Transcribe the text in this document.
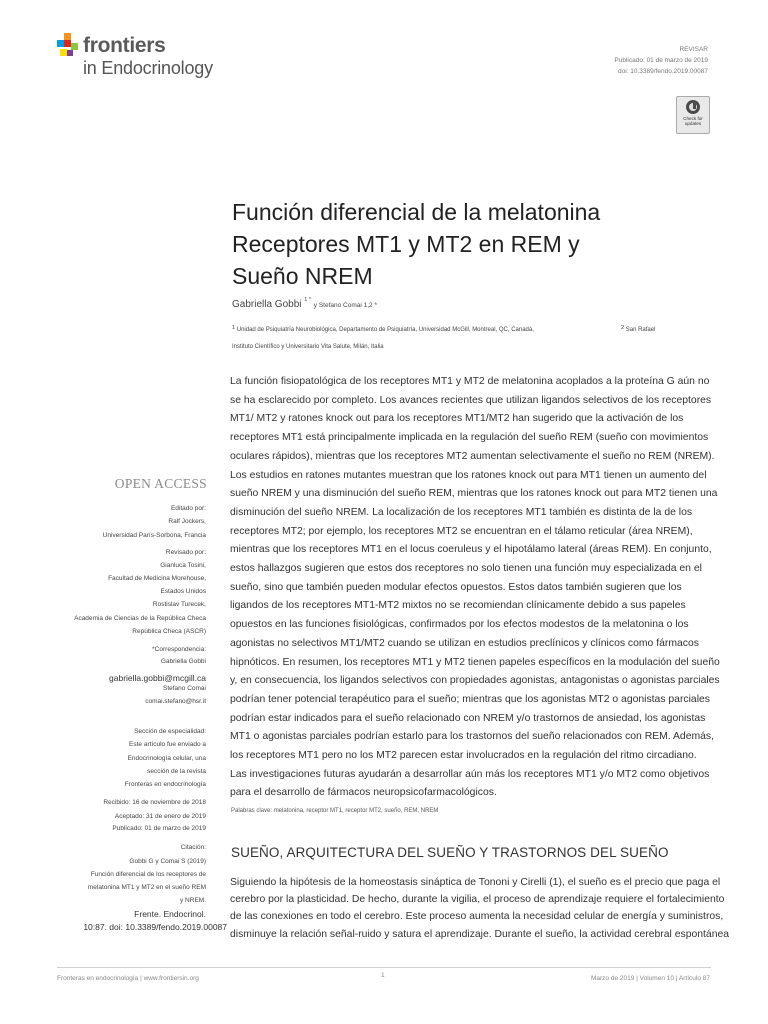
frontiers
in Endocrinology
REVISAR
Publicado: 01 de marzo de 2019
doi: 10.3389/fendo.2019.00087
Check for
updates
Función diferencial de la melatonina
Receptores MT1 y MT2 en REM y
Sueño NREM
Gabriella Gobbi $^{1 *}$ y Stefano Comai 1,2 *
1 Unidad de Psiquiatría Neurobiológica, Departamento de Psiquiatría, Universidad McGill, Montreal, QC, Canadá,	2 San Rafael
Instituto Científico y Universitario Vita Salute, Milán, Italia
La función fisiopatológica de los receptores MT1 y MT2 de melatonina acoplados a la proteína G aún no
se ha esclarecido por completo. Los avances recientes que utilizan ligandos selectivos de los receptores
MT1/ MT2 y ratones knock out para los receptores MT1/MT2 han sugerido que la activación de los
receptores MT1 está principalmente implicada en la regulación del sueño REM (sueño con movimientos
oculares rápidos), mientras que los receptores MT2 aumentan selectivamente el sueño no REM (NREM).
Los estudios en ratones mutantes muestran que los ratones knock out para MT1 tienen un aumento del
sueño NREM y una disminución del sueño REM, mientras que los ratones knock out para MT2 tienen una
disminución del sueño NREM. La localización de los receptores MT1 también es distinta de la de los
receptores MT2; por ejemplo, los receptores MT2 se encuentran en el tálamo reticular (área NREM),
mientras que los receptores MT1 en el locus coeruleus y el hipotálamo lateral (áreas REM). En conjunto,
estos hallazgos sugieren que estos dos receptores no solo tienen una función muy especializada en el
sueño, sino que también pueden modular efectos opuestos. Estos datos también sugieren que los
ligandos de los receptores MT1-MT2 mixtos no se recomiendan clínicamente debido a sus papeles
opuestos en las funciones fisiológicas, confirmados por los efectos modestos de la melatonina o los
agonistas no selectivos MT1/MT2 cuando se utilizan en estudios preclínicos y clínicos como fármacos
hipnóticos. En resumen, los receptores MT1 y MT2 tienen papeles específicos en la modulación del sueño
y, en consecuencia, los ligandos selectivos con propiedades agonistas, antagonistas o agonistas parciales
podrían tener potencial terapéutico para el sueño; mientras que los agonistas MT2 o agonistas parciales
podrían estar indicados para el sueño relacionado con NREM y/o trastornos de ansiedad, los agonistas
MT1 o agonistas parciales podrían estarlo para los trastornos del sueño relacionados con REM. Además,
los receptores MT1 pero no los MT2 parecen estar involucrados en la regulación del ritmo circadiano.
Las investigaciones futuras ayudarán a desarrollar aún más los receptores MT1 y/o MT2 como objetivos
para el desarrollo de fármacos neuropsicofarmacológicos.
Palabras clave: melatonina, receptor MT1, receptor MT2, sueño, REM, NREM
OPEN ACCESS
Editado por:
Ralf Jockers,
Universidad París-Sorbona, Francia
Revisado por:
Gianluca Tosini,
Facultad de Medicina Morehouse,
Estados Unidos
Rostislav Turecek,
Academia de Ciencias de la República Checa
República Checa (ASCR)
*Correspondencia:
Gabriella Gobbi
gabriella.gobbi@mcgill.ca
Stefano Comai
comai.stefano@hsr.it
Sección de especialidad:
Este artículo fue enviado a
Endocrinología celular, una
sección de la revista
Fronteras en endocrinología
Recibido: 16 de noviembre de 2018
Aceptado: 31 de enero de 2019
Publicado: 01 de marzo de 2019
Citación:
Gobbi G y Comai S (2019)
Función diferencial de los receptores de
melatonina MT1 y MT2 en el sueño REM
y NREM.
Frente. Endocrinol.
10:87. doi: 10.3389/fendo.2019.00087
SUEÑO, ARQUITECTURA DEL SUEÑO Y TRASTORNOS DEL SUEÑO
Siguiendo la hipótesis de la homeostasis sináptica de Tononi y Cirelli (1), el sueño es el precio que paga el
cerebro por la plasticidad. De hecho, durante la vigilia, el proceso de aprendizaje requiere el fortalecimiento
de las conexiones en todo el cerebro. Este proceso aumenta la necesidad celular de energía y suministros,
disminuye la relación señal-ruido y satura el aprendizaje. Durante el sueño, la actividad cerebral espontánea
Fronteras en endocrinología | www.frontiersin.org	1	Marzo de 2019 | Volumen 10 | Artículo 87
